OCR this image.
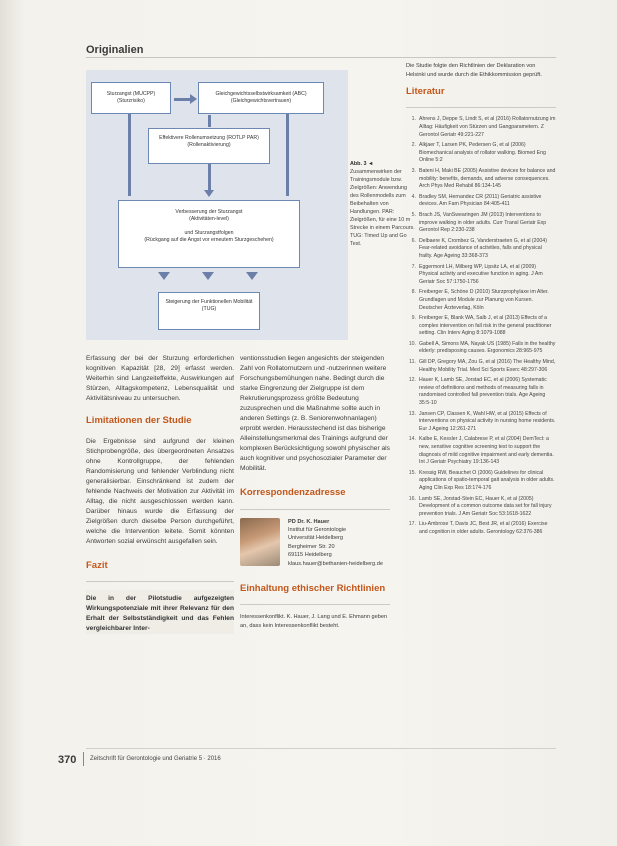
Originalien
Sturzangst (MUCPP)
(Sturzrisiko)
Gleichgewichtsselbstwirksamkeit (ABC)
(Gleichgewichtsvertrauen)
Effektivere Rollenumsetzung (ROTLP PAR)
(Rollenaktivierung)
Verbesserung der Sturzangst
(Aktivitäten-level)
und Sturzangstfolgen
(Rückgang auf die Angst vor erneutem Sturzgeschehen)
Steigerung der Funktionellen Mobilität
(TUG)
Abb. 3 ◄ Zusammenwirken der Trainingsmodule bzw. Zielgrößen: Anwendung des Rollenmodells zum Beibehalten von Handlungen. PAR: Zielgrößen, für eine 10 m Strecke in einem Parcours. TUG: Timed Up and Go Test.

Erfassung der bei der Sturzung erforderlichen kognitiven Kapazität [28, 29] erfasst werden. Weiterhin sind Langzeiteffekte, Auswirkungen auf Stürzen, Alltagskompetenz, Lebensqualität und Aktivitätsniveau zu untersuchen.

Limitationen der Studie

Die Ergebnisse sind aufgrund der kleinen Stichprobengröße, des übergeordneten Ansatzes ohne Kontrollgruppe, der fehlenden Randomisierung und fehlender Verblindung nicht generalisierbar. Einschränkend ist zudem der fehlende Nachweis der Motivation zur Aktivität im Alltag, die nicht ausgeschlossen werden kann. Darüber hinaus wurde die Erfassung der Zielgrößen durch dieselbe Person durchgeführt, welche die Intervention leitete. Somit könnten Antworten sozial erwünscht ausgefallen sein.

Fazit

Die in der Pilotstudie aufgezeigten Wirkungspotenziale mit ihrer Relevanz für den Erhalt der Selbstständigkeit und das Fehlen vergleichbarer Inter-

ventionsstudien liegen angesichts der steigenden Zahl von Rollatornutzern und -nutzerinnen weitere Forschungsbemühungen nahe. Bedingt durch die starke Eingrenzung der Zielgruppe ist dem Rekrutierungsprozess größte Bedeutung zuzusprechen und die Maßnahme sollte auch in anderen Settings (z. B. Seniorenwohnanlagen) erprobt werden. Herausstechend ist das bisherige Alleinstellungsmerkmal des Trainings aufgrund der komplexen Berücksichtigung sowohl physischer als auch kognitiver und psychosozialer Parameter der Mobilität.

Korrespondenzadresse
PD Dr. K. Hauer
Institut für Gerontologie
Universität Heidelberg
Bergheimer Str. 20
69115 Heidelberg
klaus.hauer@bethanien-heidelberg.de
Einhaltung ethischer Richtlinien

Interessenkonflikt. K. Hauer, J. Lang und E. Ehmann geben an, dass kein Interessenkonflikt besteht.

Die Studie folgte den Richtlinien der Deklaration von Helsinki und wurde durch die Ethikkommission geprüft.

Literatur
1. Ahrens J, Deppe S, Lindt S, et al (2016) Rollatornutzung im Alltag: Häufigkeit von Stürzen und Gangparametern. Z Gerontol Geriatr 49:221-227
2. Alkjaer T, Larsen PK, Pedersen G, et al (2006) Biomechanical analysis of rollator walking. Biomed Eng Online 5:2
3. Bateni H, Maki BE (2005) Assistive devices for balance and mobility: benefits, demands, and adverse consequences. Arch Phys Med Rehabil 86:134-145
4. Bradley SM, Hernandez CR (2011) Geriatric assistive devices. Am Fam Physician 84:405-411
5. Brach JS, VanSwearingen JM (2013) Interventions to improve walking in older adults. Curr Transl Geriatr Exp Gerontol Rep 2:230-238
6. Delbaere K, Crombez G, Vanderstraeten G, et al (2004) Fear-related avoidance of activities, falls and physical frailty. Age Ageing 33:368-373
7. Eggermont LH, Milberg WP, Lipsitz LA, et al (2009) Physical activity and executive function in aging. J Am Geriatr Soc 57:1750-1756
8. Freiberger E, Schöne D (2010) Sturzprophylaxe im Alter. Grundlagen und Module zur Planung von Kursen. Deutscher Ärzteverlag, Köln
9. Freiberger E, Blank WA, Salb J, et al (2013) Effects of a complex intervention on fall risk in the general practitioner setting. Clin Interv Aging 8:1079-1088
10. Gabell A, Simons MA, Nayak US (1985) Falls in the healthy elderly: predisposing causes. Ergonomics 28:965-975
11. Gill DP, Gregory MA, Zou G, et al (2016) The Healthy Mind, Healthy Mobility Trial. Med Sci Sports Exerc 48:297-306
12. Hauer K, Lamb SE, Jorstad EC, et al (2006) Systematic review of definitions and methods of measuring falls in randomised controlled fall prevention trials. Age Ageing 35:5-10
13. Jansen CP, Classen K, Wahl HW, et al (2015) Effects of interventions on physical activity in nursing home residents. Eur J Ageing 12:261-271
14. Kalbe E, Kessler J, Calabrese P, et al (2004) DemTect: a new, sensitive cognitive screening test to support the diagnosis of mild cognitive impairment and early dementia. Int J Geriatr Psychiatry 19:136-143
15. Kressig RW, Beauchet O (2006) Guidelines for clinical applications of spatio-temporal gait analysis in older adults. Aging Clin Exp Res 18:174-176
16. Lamb SE, Jorstad-Stein EC, Hauer K, et al (2005) Development of a common outcome data set for fall injury prevention trials. J Am Geriatr Soc 53:1618-1622
17. Liu-Ambrose T, Davis JC, Best JR, et al (2016) Exercise and cognition in older adults. Gerontology 62:376-386
370 Zeitschrift für Gerontologie und Geriatrie 5 · 2016
